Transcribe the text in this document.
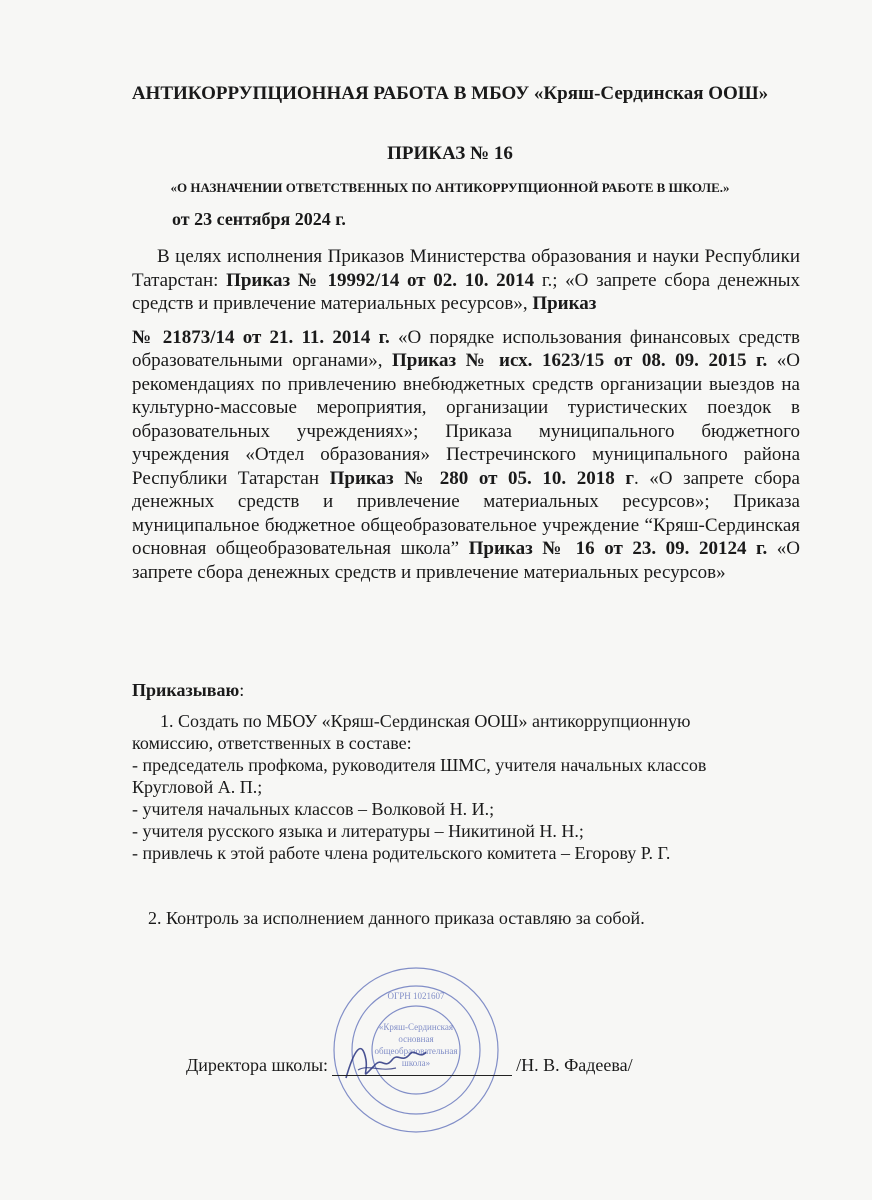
АНТИКОРРУПЦИОННАЯ РАБОТА В МБОУ «Кряш-Сердинская ООШ»
ПРИКАЗ № 16
«О НАЗНАЧЕНИИ ОТВЕТСТВЕННЫХ ПО АНТИКОРРУПЦИОННОЙ РАБОТЕ В ШКОЛЕ.»
от 23 сентября 2024 г.

В целях исполнения Приказов Министерства образования и науки Республики Татарстан: Приказ № 19992/14 от 02. 10. 2014 г.; «О запрете сбора денежных средств и привлечение материальных ресурсов», Приказ

№ 21873/14 от 21. 11. 2014 г. «О порядке использования финансовых средств образовательными органами», Приказ № исх. 1623/15 от 08. 09. 2015 г. «О рекомендациях по привлечению внебюджетных средств организации выездов на культурно-массовые мероприятия, организации туристических поездок в образовательных учреждениях»; Приказа муниципального бюджетного учреждения «Отдел образования» Пестречинского муниципального района Республики Татарстан Приказ № 280 от 05. 10. 2018 г. «О запрете сбора денежных средств и привлечение материальных ресурсов»; Приказа муниципальное бюджетное общеобразовательное учреждение “Кряш-Сердинская основная общеобразовательная школа” Приказ № 16 от 23. 09. 20124 г. «О запрете сбора денежных средств и привлечение материальных ресурсов»

Приказываю:
1. Создать по МБОУ «Кряш-Сердинская ООШ» антикоррупционную
комиссию, ответственных в составе:
- председатель профкома, руководителя ШМС, учителя начальных классов Кругловой А. П.;
- учителя начальных классов – Волковой Н. И.;
- учителя русского языка и литературы – Никитиной Н. Н.;
- привлечь к этой работе члена родительского комитета – Егорову Р. Г.
2. Контроль за исполнением данного приказа оставляю за собой.
ОГРН 1021607
«Кряш-Сердинская
основная
общеобразовательная
школа»
Директора школы:	/Н. В. Фадеева/
